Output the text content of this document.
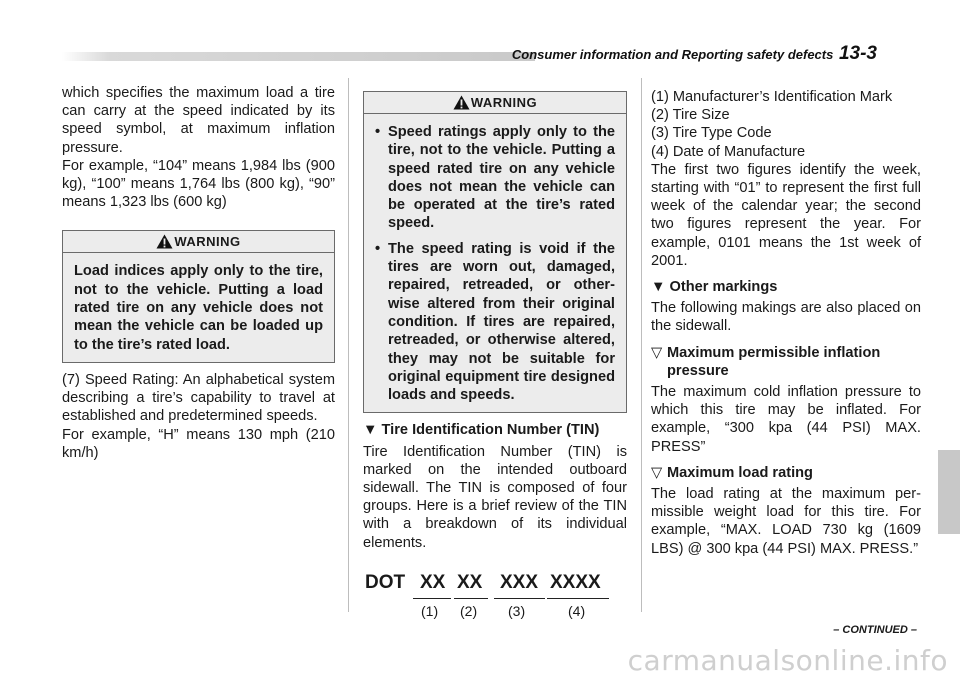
Consumer information and Reporting safety defects 13-3

which specifies the maximum load a tire can carry at the speed indicated by its speed symbol, at maximum inflation pressure.

For example, “104” means 1,984 lbs (900 kg), “100” means 1,764 lbs (800 kg), “90” means 1,323 lbs (600 kg)

WARNING
Load indices apply only to the tire, not to the vehicle. Putting a load rated tire on any vehicle does not mean the vehicle can be loaded up to the tire’s rated load.

(7) Speed Rating: An alphabetical system describing a tire’s capability to travel at established and predetermined speeds.

For example, “H” means 130 mph (210 km/h)

WARNING
• Speed ratings apply only to the tire, not to the vehicle. Putting a speed rated tire on any vehicle does not mean the vehicle can be operated at the tire’s rated speed.
• The speed rating is void if the tires are worn out, damaged, repaired, retreaded, or otherwise altered from their original condition. If tires are repaired, retreaded, or otherwise altered, they may not be suitable for original equipment tire designed loads and speeds.
▼ Tire Identification Number (TIN)

Tire Identification Number (TIN) is marked on the intended outboard sidewall. The TIN is composed of four groups. Here is a brief review of the TIN with a breakdown of its individual elements.

DOT XX XX XXX XXXX
(1) (2) (3)	(4)

(1) Manufacturer’s Identification Mark

(2) Tire Size

(3) Tire Type Code

(4) Date of Manufacture

The first two figures identify the week, starting with “01” to represent the first full week of the calendar year; the second two figures represent the year. For example, 0101 means the 1st week of 2001.

▼ Other markings

The following makings are also placed on the sidewall.

▽ Maximum permissible inflation pressure

The maximum cold inflation pressure to which this tire may be inflated. For example, “300 kpa (44 PSI) MAX. PRESS”

▽ Maximum load rating

The load rating at the maximum permissible weight load for this tire. For example, “MAX. LOAD 730 kg (1609 LBS) @ 300 kpa (44 PSI) MAX. PRESS.”

– CONTINUED –
carmanualsonline.info
